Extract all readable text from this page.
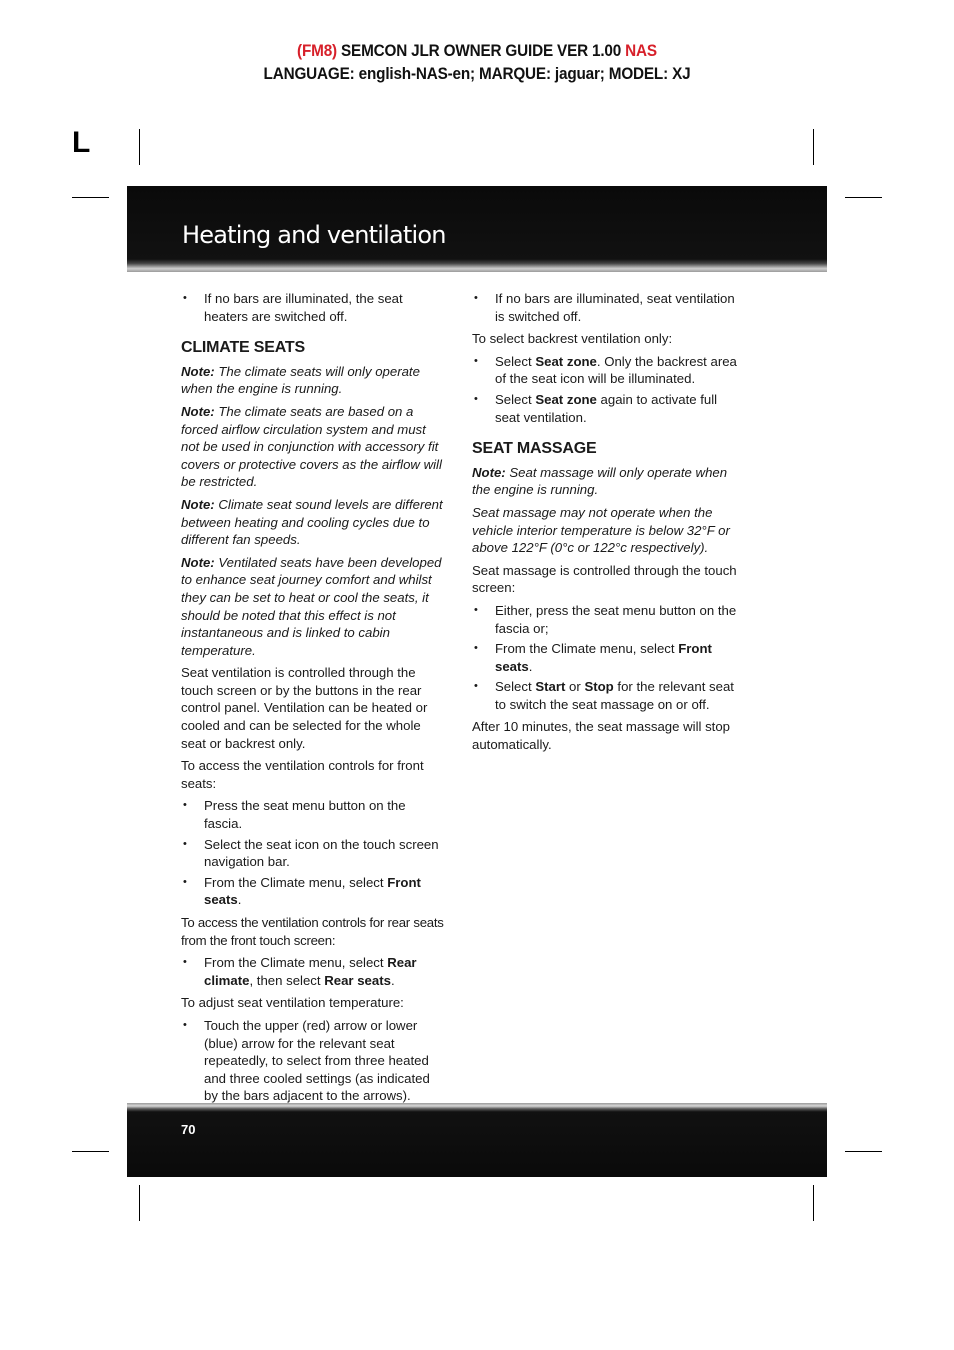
(FM8) SEMCON JLR OWNER GUIDE VER 1.00 NAS
LANGUAGE: english-NAS-en; MARQUE: jaguar; MODEL: XJ
L
Heating and ventilation
• If no bars are illuminated, the seat heaters are switched off.
CLIMATE SEATS

Note: The climate seats will only operate when the engine is running.

Note: The climate seats are based on a forced airflow circulation system and must not be used in conjunction with accessory fit covers or protective covers as the airflow will be restricted.

Note: Climate seat sound levels are different between heating and cooling cycles due to different fan speeds.

Note: Ventilated seats have been developed to enhance seat journey comfort and whilst they can be set to heat or cool the seats, it should be noted that this effect is not instantaneous and is linked to cabin temperature.

Seat ventilation is controlled through the touch screen or by the buttons in the rear control panel. Ventilation can be heated or cooled and can be selected for the whole seat or backrest only.

To access the ventilation controls for front seats:

• Press the seat menu button on the fascia.
• Select the seat icon on the touch screen navigation bar.
• From the Climate menu, select Front seats.

To access the ventilation controls for rear seats from the front touch screen:

• From the Climate menu, select Rear climate, then select Rear seats.

To adjust seat ventilation temperature:

• Touch the upper (red) arrow or lower (blue) arrow for the relevant seat repeatedly, to select from three heated and three cooled settings (as indicated by the bars adjacent to the arrows).
• If no bars are illuminated, seat ventilation is switched off.

To select backrest ventilation only:

• Select Seat zone. Only the backrest area of the seat icon will be illuminated.
• Select Seat zone again to activate full seat ventilation.
SEAT MASSAGE

Note: Seat massage will only operate when the engine is running.

Seat massage may not operate when the vehicle interior temperature is below 32°F or above 122°F (0°c or 122°c respectively).

Seat massage is controlled through the touch screen:

• Either, press the seat menu button on the fascia or;
• From the Climate menu, select Front seats.
• Select Start or Stop for the relevant seat to switch the seat massage on or off.

After 10 minutes, the seat massage will stop automatically.

70
